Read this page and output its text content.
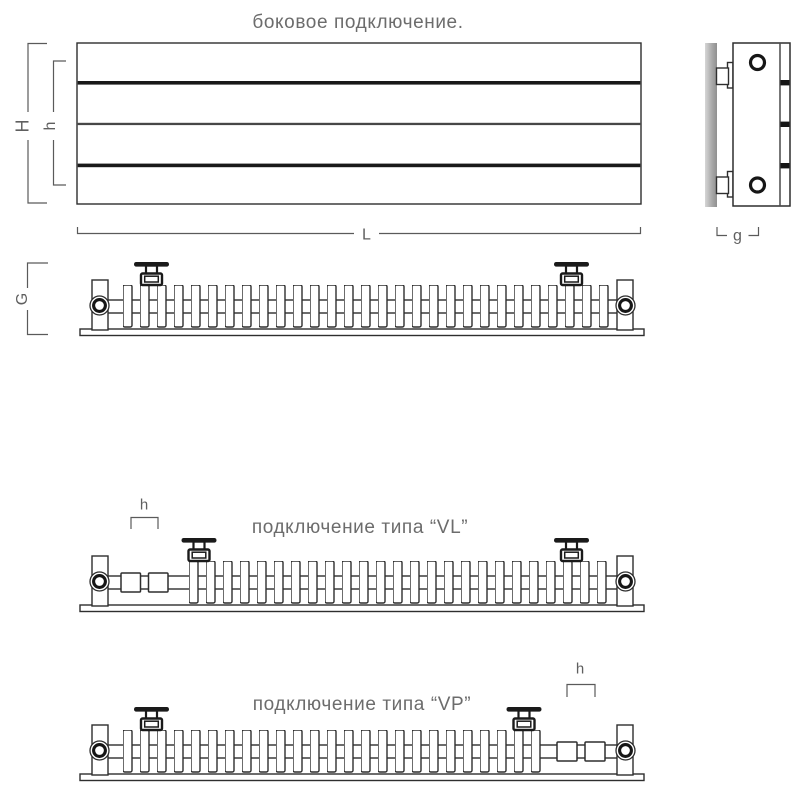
боковое подключение.
H h
L	g
G
подключение типа “VL”
h
подключение типа “VP”
h
